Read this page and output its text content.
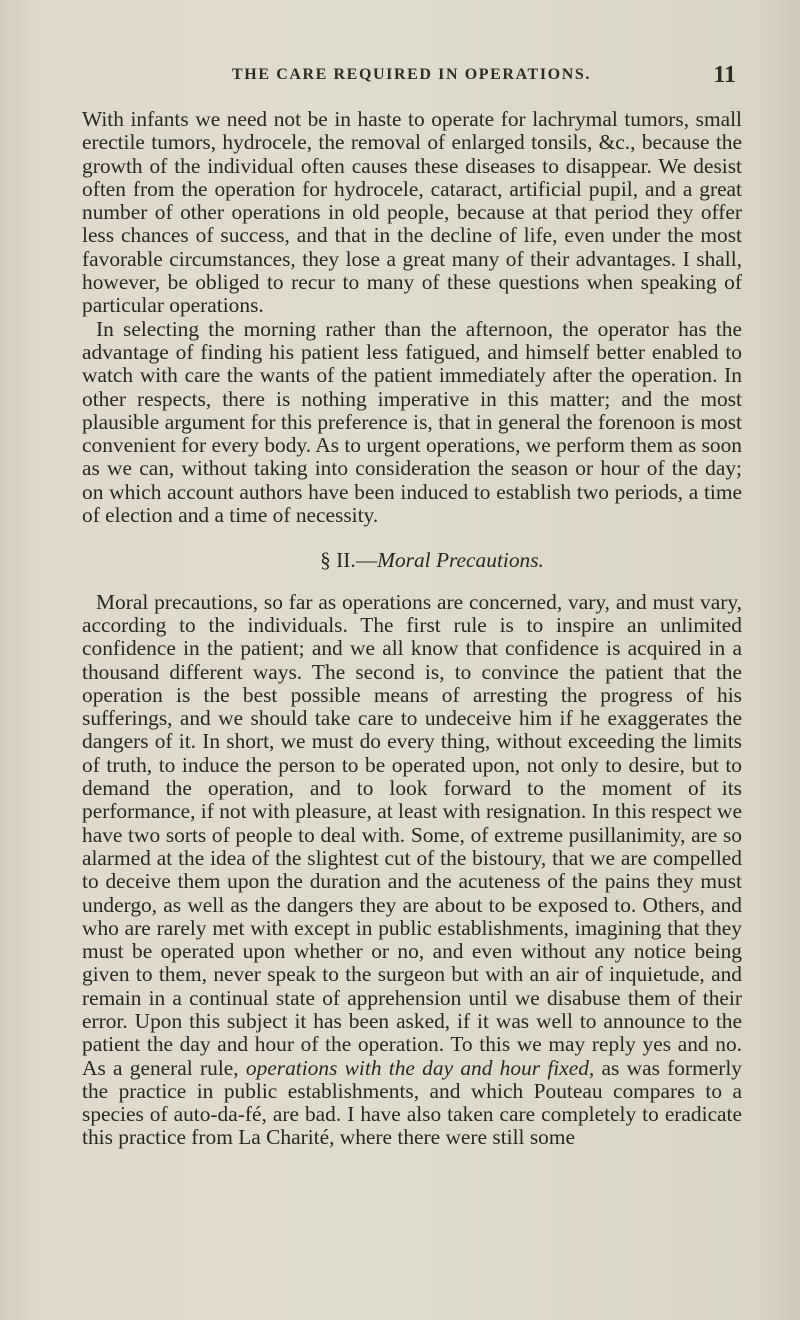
THE CARE REQUIRED IN OPERATIONS.	11

With infants we need not be in haste to operate for lachrymal tumors, small erectile tumors, hydrocele, the removal of enlarged tonsils, &c., because the growth of the individual often causes these diseases to disappear. We desist often from the operation for hydrocele, cataract, artificial pupil, and a great number of other operations in old people, because at that period they offer less chances of success, and that in the decline of life, even under the most favorable circumstances, they lose a great many of their advantages. I shall, however, be obliged to recur to many of these questions when speaking of particular operations.

In selecting the morning rather than the afternoon, the operator has the advantage of finding his patient less fatigued, and himself better enabled to watch with care the wants of the patient immediately after the operation. In other respects, there is nothing imperative in this matter; and the most plausible argument for this preference is, that in general the forenoon is most convenient for every body. As to urgent operations, we perform them as soon as we can, without taking into consideration the season or hour of the day; on which account authors have been induced to establish two periods, a time of election and a time of necessity.

§ II.—Moral Precautions.

Moral precautions, so far as operations are concerned, vary, and must vary, according to the individuals. The first rule is to inspire an unlimited confidence in the patient; and we all know that confidence is acquired in a thousand different ways. The second is, to convince the patient that the operation is the best possible means of arresting the progress of his sufferings, and we should take care to undeceive him if he exaggerates the dangers of it. In short, we must do every thing, without exceeding the limits of truth, to induce the person to be operated upon, not only to desire, but to demand the operation, and to look forward to the moment of its performance, if not with pleasure, at least with resignation. In this respect we have two sorts of people to deal with. Some, of extreme pusillanimity, are so alarmed at the idea of the slightest cut of the bistoury, that we are compelled to deceive them upon the duration and the acuteness of the pains they must undergo, as well as the dangers they are about to be exposed to. Others, and who are rarely met with except in public establishments, imagining that they must be operated upon whether or no, and even without any notice being given to them, never speak to the surgeon but with an air of inquietude, and remain in a continual state of apprehension until we disabuse them of their error. Upon this subject it has been asked, if it was well to announce to the patient the day and hour of the operation. To this we may reply yes and no. As a general rule, operations with the day and hour fixed, as was formerly the practice in public establishments, and which Pouteau compares to a species of auto-da-fé, are bad. I have also taken care completely to eradicate this practice from La Charité, where there were still some
